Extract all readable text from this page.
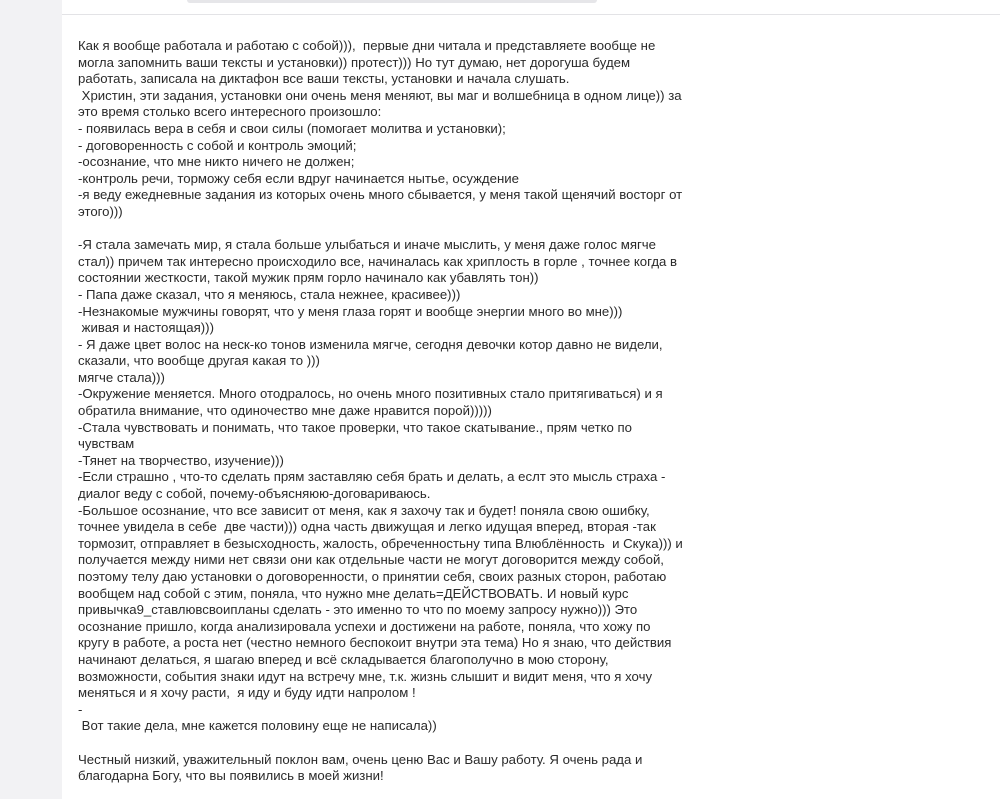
Как я вообще работала и работаю с собой))),  первые дни читала и представляете вообще не
могла запомнить ваши тексты и установки)) протест))) Но тут думаю, нет дорогуша будем
работать, записала на диктафон все ваши тексты, установки и начала слушать.
Христин, эти задания, установки они очень меня меняют, вы маг и волшебница в одном лице)) за
это время столько всего интересного произошло:
- появилась вера в себя и свои силы (помогает молитва и установки);
- договоренность с собой и контроль эмоций;
-осознание, что мне никто ничего не должен;
-контроль речи, торможу себя если вдруг начинается нытье, осуждение
-я веду ежедневные задания из которых очень много сбывается, у меня такой щенячий восторг от
этого)))
-Я стала замечать мир, я стала больше улыбаться и иначе мыслить, у меня даже голос мягче
стал)) причем так интересно происходило все, начиналась как хриплость в горле , точнее когда в
состоянии жесткости, такой мужик прям горло начинало как убавлять тон))
- Папа даже сказал, что я меняюсь, стала нежнее, красивее)))
-Незнакомые мужчины говорят, что у меня глаза горят и вообще энергии много во мне)))
живая и настоящая)))
- Я даже цвет волос на неск-ко тонов изменила мягче, сегодня девочки котор давно не видели,
сказали, что вообще другая какая то )))
мягче стала)))
-Окружение меняется. Много отодралось, но очень много позитивных стало притягиваться) и я
обратила внимание, что одиночество мне даже нравится порой)))))
-Стала чувствовать и понимать, что такое проверки, что такое скатывание., прям четко по
чувствам
-Тянет на творчество, изучение)))
-Если страшно , что-то сделать прям заставляю себя брать и делать, а еслт это мысль страха -
диалог веду с собой, почему-объясняюю-договариваюсь.
-Большое осознание, что все зависит от меня, как я захочу так и будет! поняла свою ошибку,
точнее увидела в себе  две части))) одна часть движущая и легко идущая вперед, вторая -так
тормозит, отправляет в безысходность, жалость, обреченностьну типа Влюблённость  и Скука))) и
получается между ними нет связи они как отдельные части не могут договорится между собой,
поэтому телу даю установки о договоренности, о принятии себя, своих разных сторон, работаю
вообщем над собой с этим, поняла, что нужно мне делать=ДЕЙСТВОВАТЬ. И новый курс
привычка9_ставлювсвоипланы сделать - это именно то что по моему запросу нужно))) Это
осознание пришло, когда анализировала успехи и достижени на работе, поняла, что хожу по
кругу в работе, а роста нет (честно немного беспокоит внутри эта тема) Но я знаю, что действия
начинают делаться, я шагаю вперед и всё складывается благополучно в мою сторону,
возможности, события знаки идут на встречу мне, т.к. жизнь слышит и видит меня, что я хочу
меняться и я хочу расти,  я иду и буду идти напролом !
-
Вот такие дела, мне кажется половину еще не написала))
Честный низкий, уважительный поклон вам, очень ценю Вас и Вашу работу. Я очень рада и
благодарна Богу, что вы появились в моей жизни!
